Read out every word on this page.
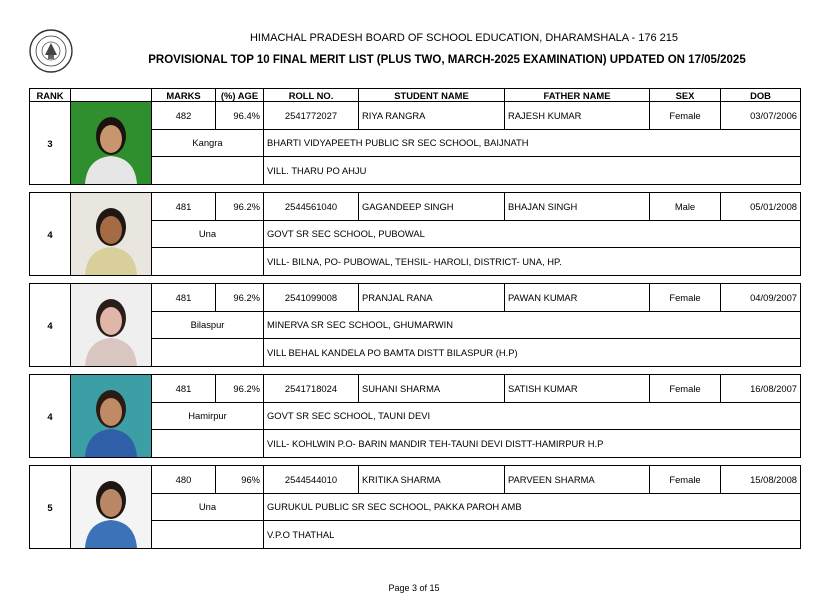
HIMACHAL PRADESH BOARD OF SCHOOL EDUCATION, DHARAMSHALA - 176 215
PROVISIONAL TOP 10 FINAL MERIT LIST (PLUS TWO, MARCH-2025 EXAMINATION) UPDATED ON 17/05/2025
RANK		MARKS	(%) AGE	ROLL NO.	STUDENT NAME	FATHER NAME	SEX	DOB
3		482	96.4%	2541772027	RIYA RANGRA	RAJESH KUMAR	Female	03/07/2006
		Kangra		BHARTI VIDYAPEETH PUBLIC SR SEC SCHOOL, BAIJNATH				
				VILL. THARU PO AHJU				
4		481	96.2%	2544561040	GAGANDEEP SINGH	BHAJAN SINGH	Male	05/01/2008
		Una		GOVT SR SEC SCHOOL, PUBOWAL				
				VILL- BILNA, PO- PUBOWAL, TEHSIL- HAROLI, DISTRICT- UNA, HP.				
4		481	96.2%	2541099008	PRANJAL RANA	PAWAN KUMAR	Female	04/09/2007
		Bilaspur		MINERVA SR SEC SCHOOL, GHUMARWIN				
				VILL BEHAL KANDELA PO BAMTA DISTT BILASPUR (H.P)				
4		481	96.2%	2541718024	SUHANI SHARMA	SATISH KUMAR	Female	16/08/2007
		Hamirpur		GOVT SR SEC SCHOOL, TAUNI DEVI				
				VILL- KOHLWIN P.O- BARIN MANDIR TEH-TAUNI DEVI DISTT-HAMIRPUR H.P				
5		480	96%	2544544010	KRITIKA SHARMA	PARVEEN SHARMA	Female	15/08/2008
		Una		GURUKUL PUBLIC SR SEC SCHOOL, PAKKA PAROH AMB				
				V.P.O THATHAL				
Page 3 of 15
